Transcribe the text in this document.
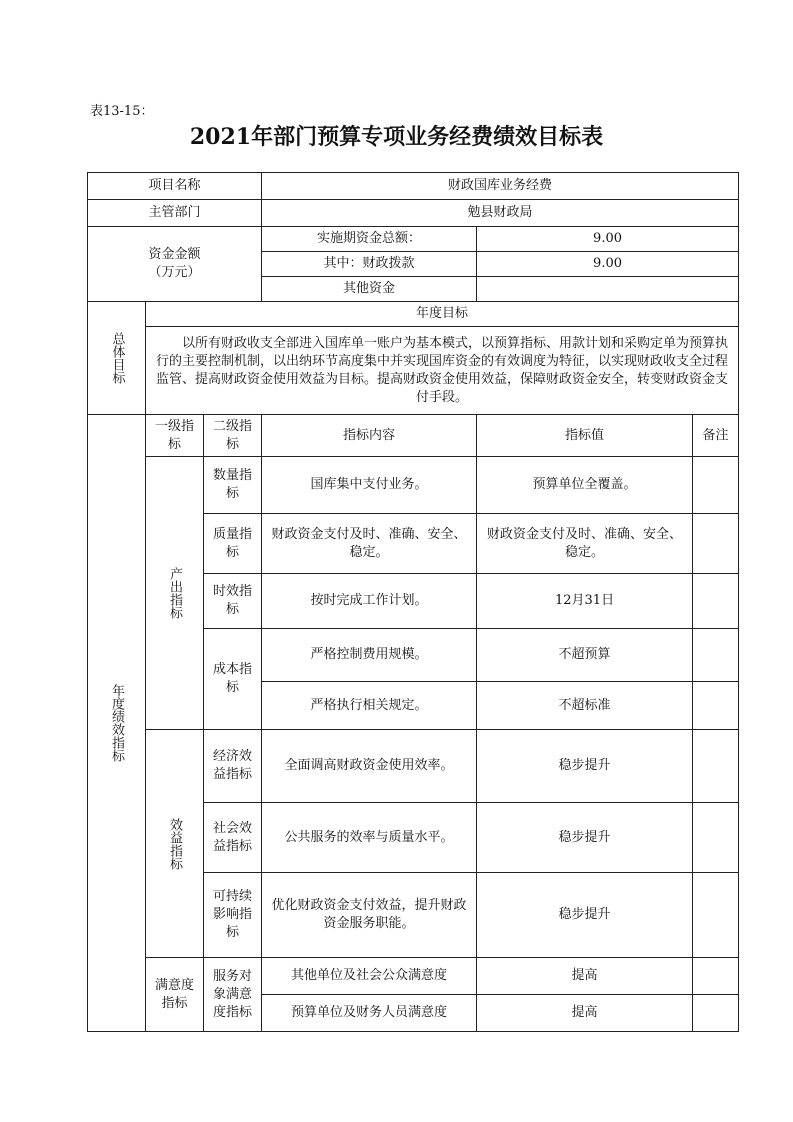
表13-15：
2021年部门预算专项业务经费绩效目标表
项目名称			财政国库业务经费		
主管部门			勉县财政局		

资金金额
（万元）			实施期资金总额：	9.00	
			其中：财政拨款	9.00	
			其他资金		
总体目标	年度目标				
	以所有财政收支全部进入国库单一账户为基本模式，以预算指标、用款计划和采购定单为预算执行的主要控制机制，以出纳环节高度集中并实现国库资金的有效调度为特征，以实现财政收支全过程监管、提高财政资金使用效益为目标。提高财政资金使用效益，保障财政资金安全，转变财政资金支付手段。				
年度绩效指标	一级指标	二级指标	指标内容	指标值	备注
	产出指标	数量指标	国库集中支付业务。	预算单位全覆盖。	
		质量指标	财政资金支付及时、准确、安全、稳定。	财政资金支付及时、准确、安全、稳定。	
		时效指标	按时完成工作计划。	12月31日	
		成本指标	严格控制费用规模。	不超预算	
			严格执行相关规定。	不超标准	
	效益指标	经济效益指标	全面调高财政资金使用效率。	稳步提升	
		社会效益指标	公共服务的效率与质量水平。	稳步提升	
		可持续影响指标	优化财政资金支付效益，提升财政资金服务职能。	稳步提升	
	满意度指标	服务对象满意度指标	其他单位及社会公众满意度	提高	
			预算单位及财务人员满意度	提高	
